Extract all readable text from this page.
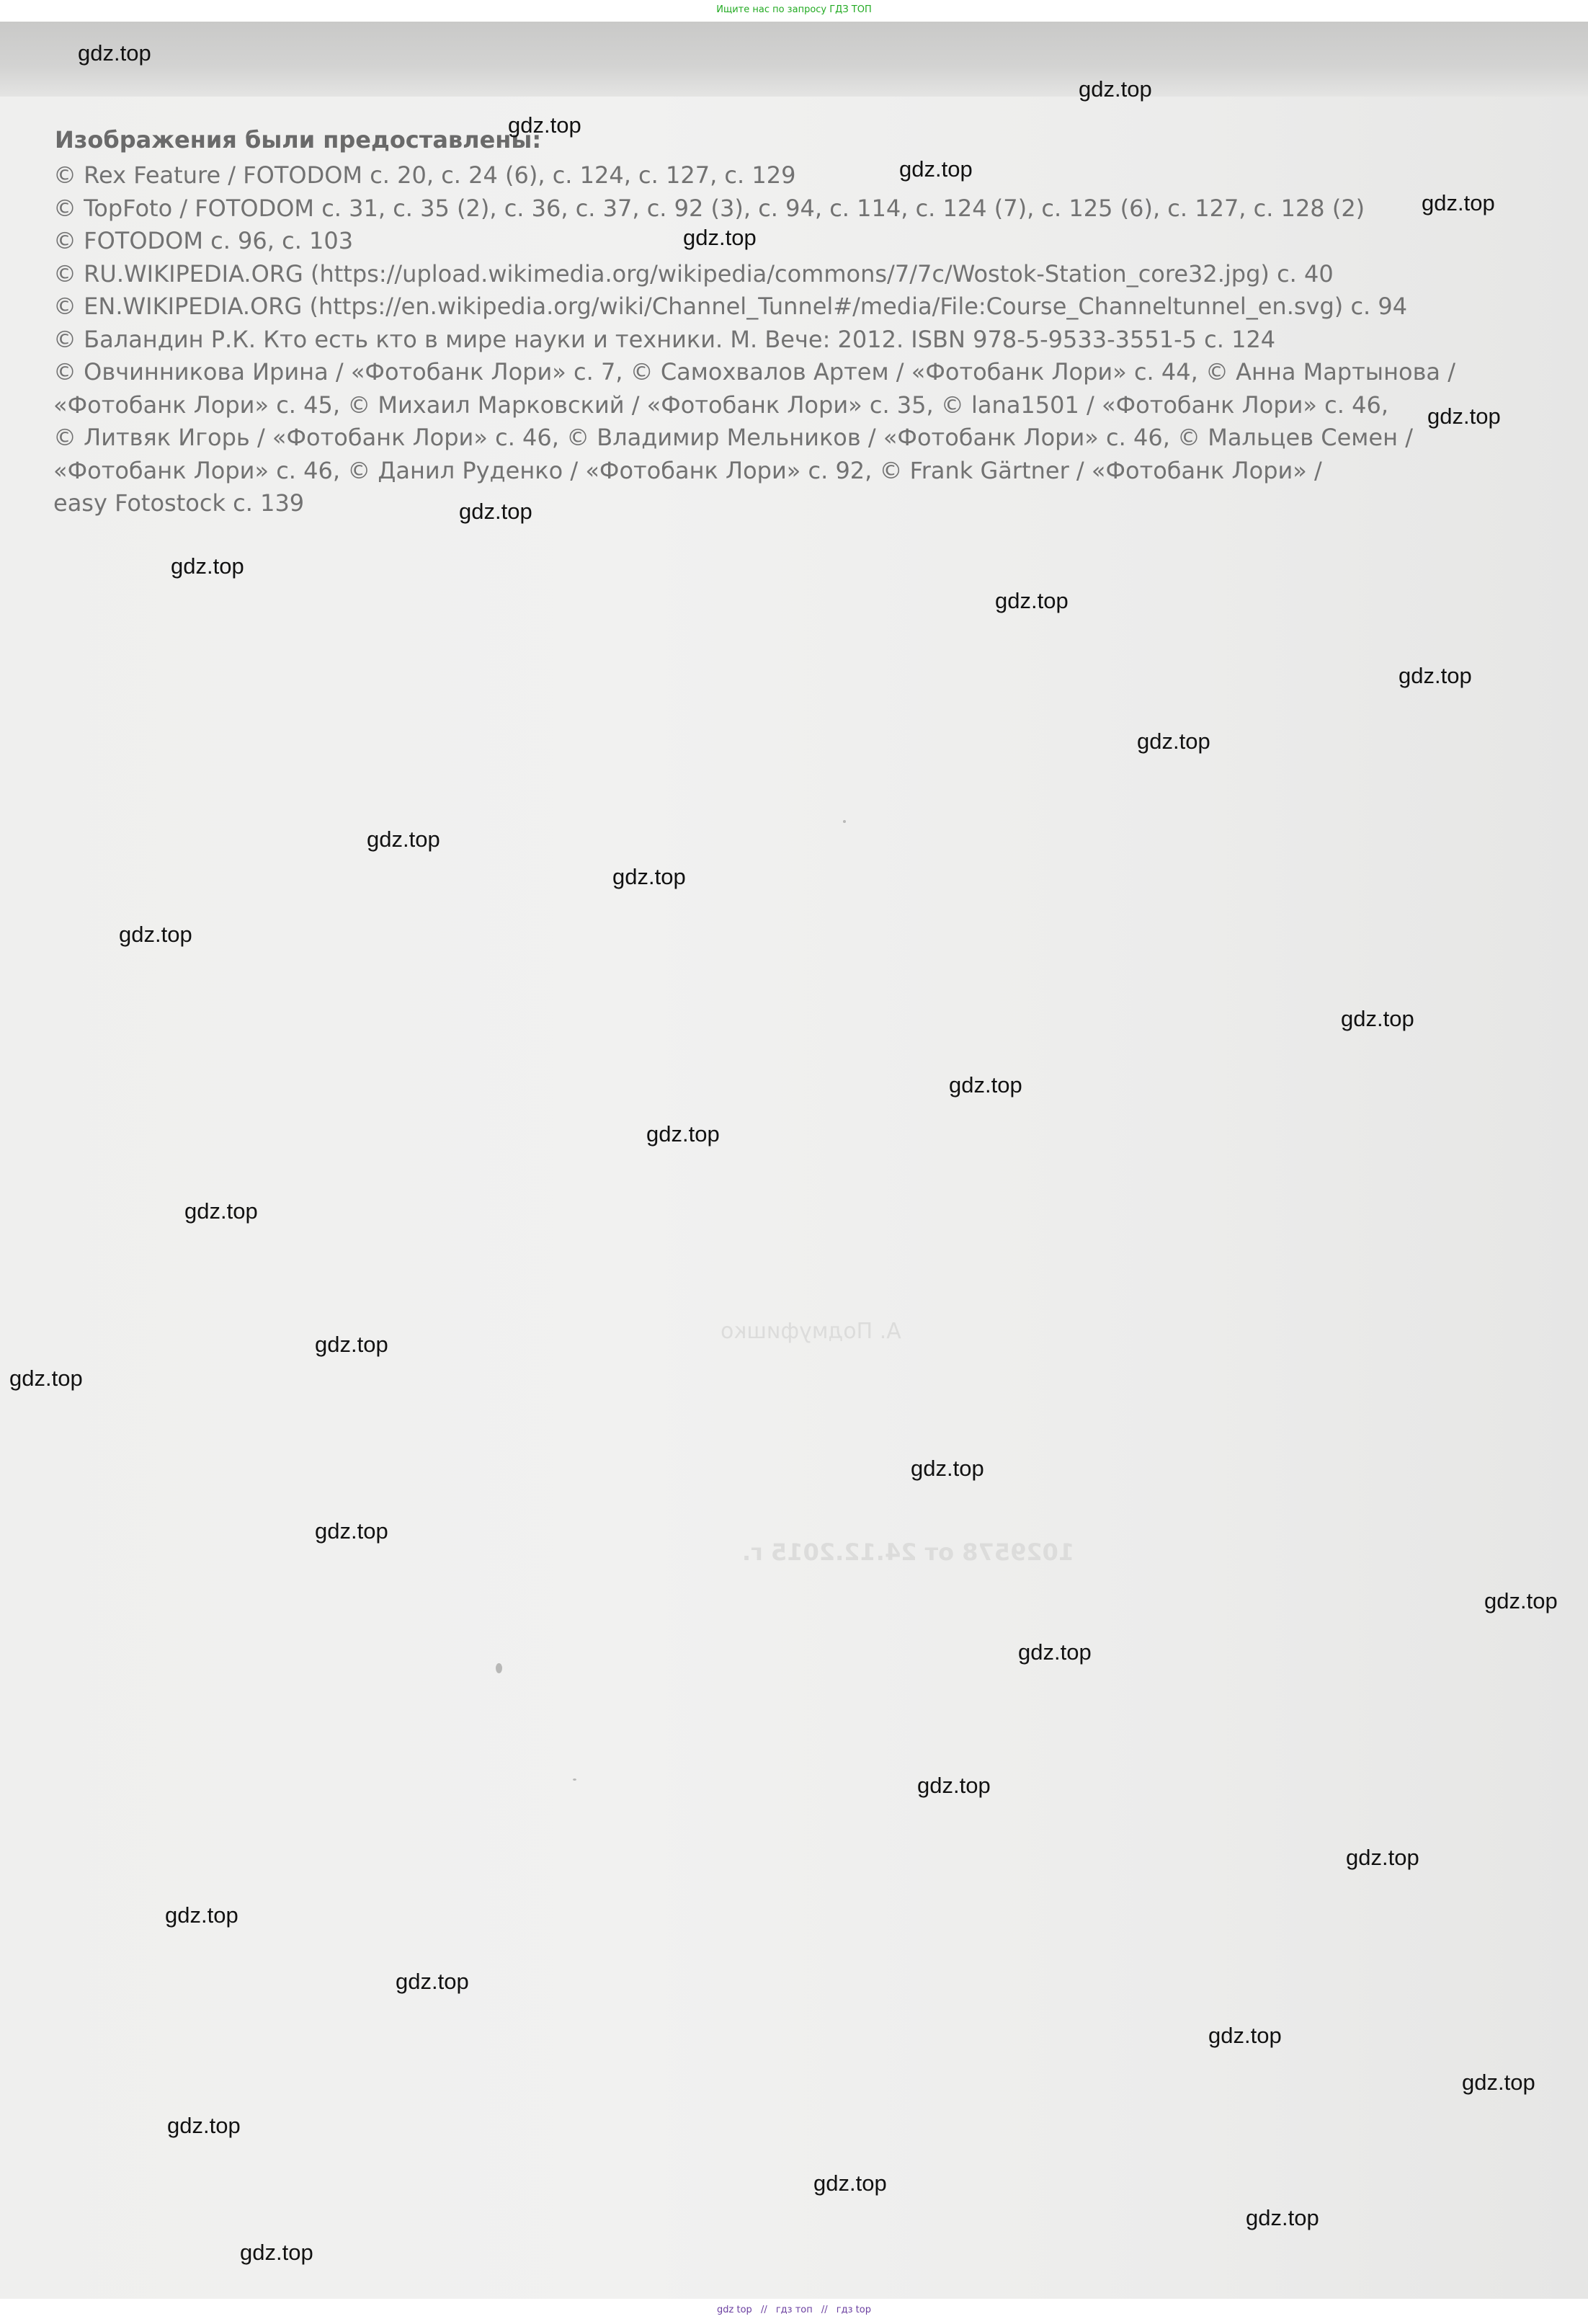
Ищите нас по запросу ГДЗ ТОП
Изображения были предоставлены:
© Rex Feature / FOTODOM с. 20, с. 24 (6), с. 124, с. 127, с. 129
© TopFoto / FOTODOM с. 31, с. 35 (2), с. 36, с. 37, с. 92 (3), с. 94, с. 114, с. 124 (7), с. 125 (6), с. 127, с. 128 (2)
© FOTODOM с. 96, с. 103
© RU.WIKIPEDIA.ORG (https://upload.wikimedia.org/wikipedia/commons/7/7c/Wostok-Station_core32.jpg) с. 40
© EN.WIKIPEDIA.ORG (https://en.wikipedia.org/wiki/Channel_Tunnel#/media/File:Course_Channeltunnel_en.svg) с. 94
© Баландин Р.К. Кто есть кто в мире науки и техники. М. Вече: 2012. ISBN 978-5-9533-3551-5 с. 124
© Овчинникова Ирина / «Фотобанк Лори» с. 7, © Самохвалов Артем / «Фотобанк Лори» с. 44, © Анна Мартынова /
«Фотобанк Лори» с. 45, © Михаил Марковский / «Фотобанк Лори» с. 35, © lana1501 / «Фотобанк Лори» с. 46,
© Литвяк Игорь / «Фотобанк Лори» с. 46, © Владимир Мельников / «Фотобанк Лори» с. 46, © Мальцев Семен /
«Фотобанк Лори» с. 46, © Данил Руденко / «Фотобанк Лори» с. 92, © Frank Gärtner / «Фотобанк Лори» /
easy Fotostock с. 139
А. Подмуфишко
1029578 от 24.12.2015 г.
gdz.top
gdz.top
gdz.top
gdz.top
gdz.top
gdz.top
gdz.top
gdz.top
gdz.top
gdz.top
gdz.top
gdz.top
gdz.top
gdz.top
gdz.top
gdz.top
gdz.top
gdz.top
gdz.top
gdz.top
gdz.top
gdz.top
gdz.top
gdz.top
gdz.top
gdz.top
gdz.top
gdz.top
gdz.top
gdz.top
gdz.top
gdz.top
gdz.top
gdz.top
gdz.top
gdz top // гдз топ // гдз top
